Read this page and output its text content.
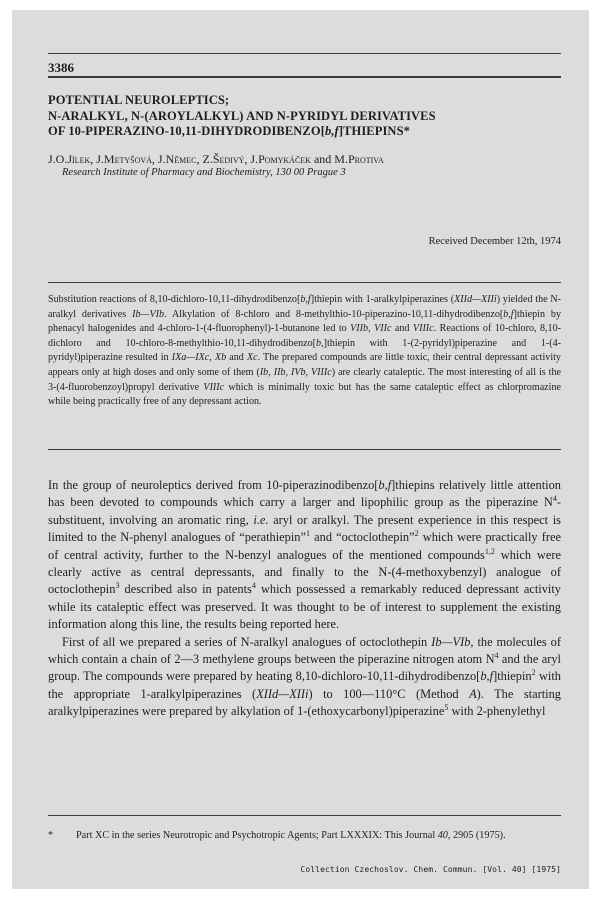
3386
POTENTIAL NEUROLEPTICS;
N-ARALKYL, N-(AROYLALKYL) AND N-PYRIDYL DERIVATIVES
OF 10-PIPERAZINO-10,11-DIHYDRODIBENZO[b,f]THIEPINS*
J.O.Jílek, J.Metyšová, J.Němec, Z.Šedivý, J.Pomykáček and M.Protiva
Research Institute of Pharmacy and Biochemistry, 130 00 Prague 3
Received December 12th, 1974
Substitution reactions of 8,10-dichloro-10,11-dihydrodibenzo[b,f]thiepin with 1-aralkylpiperazines (XIId—XIIi) yielded the N-aralkyl derivatives Ib—VIb. Alkylation of 8-chloro and 8-methylthio-10-piperazino-10,11-dihydrodibenzo[b,f]thiepin by phenacyl halogenides and 4-chloro-1-(4-fluorophenyl)-1-butanone led to VIIb, VIIc and VIIIc. Reactions of 10-chloro, 8,10-dichloro and 10-chloro-8-methylthio-10,11-dihydrodibenzo[b,]thiepin with 1-(2-pyridyl)piperazine and 1-(4-pyridyl)piperazine resulted in IXa—IXc, Xb and Xc. The prepared compounds are little toxic, their central depressant activity appears only at high doses and only some of them (Ib, IIb, IVb, VIIIc) are clearly cataleptic. The most interesting of all is the 3-(4-fluorobenzoyl)propyl derivative VIIIc which is minimally toxic but has the same cataleptic effect as chlorpromazine while being practically free of any depressant action.

In the group of neuroleptics derived from 10-piperazinodibenzo[b,f]thiepins relatively little attention has been devoted to compounds which carry a larger and lipophilic group as the piperazine $N^4$-substituent, involving an aromatic ring, i.e. aryl or aralkyl. The present experience in this respect is limited to the N-phenyl analogues of “perathiepin”$^1$ and “octoclothepin”$^2$ which were practically free of central activity, further to the N-benzyl analogues of the mentioned compounds$^{1,2}$ which were clearly active as central depressants, and finally to the N-(4-methoxybenzyl) analogue of octoclothepin$^3$ described also in patents$^4$ which possessed a remarkably reduced depressant activity while its cataleptic effect was preserved. It was thought to be of interest to supplement the existing information along this line, the results being reported here.

First of all we prepared a series of N-aralkyl analogues of octoclothepin Ib—VIb, the molecules of which contain a chain of 2—3 methylene groups between the piperazine nitrogen atom $N^4$ and the aryl group. The compounds were prepared by heating 8,10-dichloro-10,11-dihydrodibenzo[b,f]thiepin$^2$ with the appropriate 1-aralkylpiperazines (XIId—XIIi) to 100—110°C (Method A). The starting aralkylpiperazines were prepared by alkylation of 1-(ethoxycarbonyl)piperazine$^5$ with 2-phenylethyl

* Part XC in the series Neurotropic and Psychotropic Agents; Part LXXXIX: This Journal 40, 2905 (1975).
Collection Czechoslov. Chem. Commun. [Vol. 40] [1975]
